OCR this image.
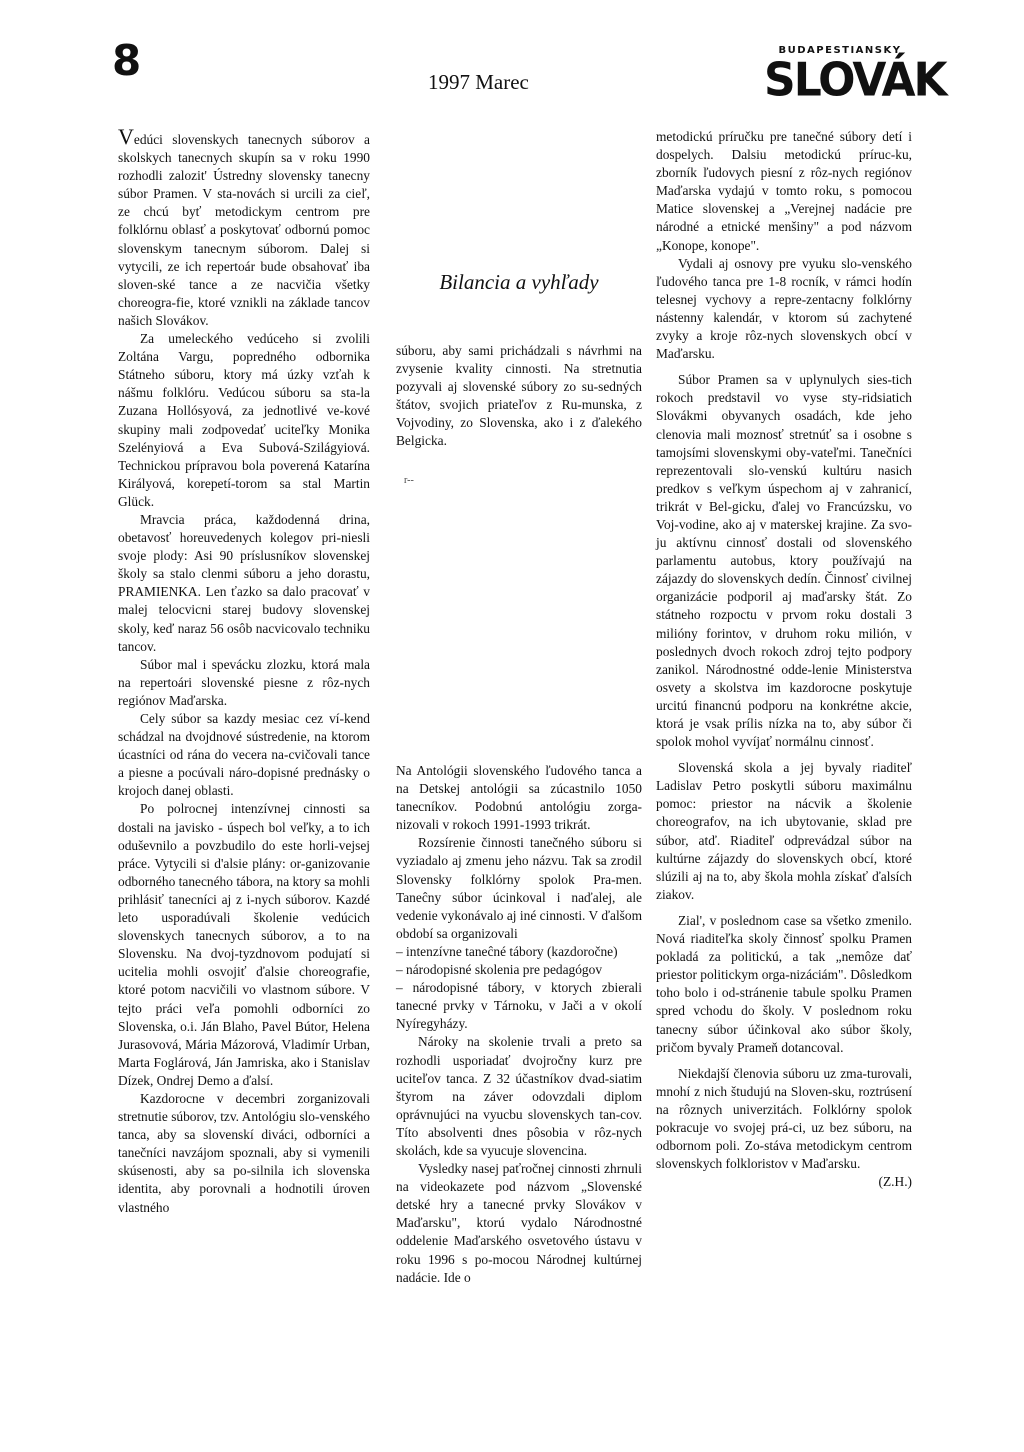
8	1997 Marec
BUDAPESTIANSKY
SLOVÁK

Vedúci slovenskych tanecnych súborov a skolskych tanecnych skupín sa v roku 1990 rozhodli zalozit' Ústredny slovensky tanecny súbor Pramen. V sta-novách si urcili za cieľ, ze chcú byť metodickym centrom pre folklórnu oblasť a poskytovať odbornú pomoc slovenskym tanecnym súborom. Dalej si vytycili, ze ich repertoár bude obsahovať iba sloven-ské tance a ze nacvičia všetky choreogra-fie, ktoré vznikli na základe tancov našich Slovákov.

Za umeleckého vedúceho si zvolili Zoltána Vargu, popredného odbornika Státneho súboru, ktory má úzky vzťah k nášmu folklóru. Vedúcou súboru sa sta-la Zuzana Hollósyová, za jednotlivé ve-kové skupiny mali zodpovedať uciteľky Monika Szelényiová a Eva Subová-Szilágyiová. Technickou prípravou bola poverená Katarína Királyová, korepetí-torom sa stal Martin Glück.

Mravcia práca, každodenná drina, obetavosť horeuvedenych kolegov pri-niesli svoje plody: Asi 90 príslusníkov slovenskej školy sa stalo clenmi súboru a jeho dorastu, PRAMIENKA. Len ťazko sa dalo pracovať v malej telocvicni starej budovy slovenskej skoly, keď naraz 56 osôb nacvicovalo techniku tancov.

Súbor mal i spevácku zlozku, ktorá mala na repertoári slovenské piesne z rôz-nych regiónov Maďarska.

Cely súbor sa kazdy mesiac cez ví-kend schádzal na dvojdnové sústredenie, na ktorom úcastníci od rána do vecera na-cvičovali tance a piesne a pocúvali náro-dopisné prednásky o krojoch danej oblasti.

Po polrocnej intenzívnej cinnosti sa dostali na javisko - úspech bol veľky, a to ich oduševnilo a povzbudilo do este horli-vejsej práce. Vytycili si d'alsie plány: or-ganizovanie odborného tanecného tábora, na ktory sa mohli prihlásiť tanecníci aj z i-nych súborov. Kazdé leto usporadúvali školenie vedúcich slovenskych tanecnych súborov, a to na Slovensku. Na dvoj-tyzdnovom podujatí si ucitelia mohli osvojiť ďalsie choreografie, ktoré potom nacvičili vo vlastnom súbore. V tejto práci veľa pomohli odborníci zo Slovenska, o.i. Ján Blaho, Pavel Bútor, Helena Jurasovová, Mária Mázorová, Vladimír Urban, Marta Foglárová, Ján Jamriska, ako i Stanislav Dízek, Ondrej Demo a ďalsí.

Kazdorocne v decembri zorganizovali stretnutie súborov, tzv. Antológiu slo-venského tanca, aby sa slovenskí diváci, odborníci a tanečníci navzájom spoznali, aby si vymenili skúsenosti, aby sa po-silnila ich slovenska identita, aby porovnali a hodnotili úroven vlastného

Bilancia a vyhľady

súboru, aby sami prichádzali s návrhmi na zvysenie kvality cinnosti. Na stretnutia pozyvali aj slovenské súbory zo su-sedných štátov, svojich priateľov z Ru-munska, z Vojvodiny, zo Slovenska, ako i z ďalekého Belgicka.

r--

Na Antológii slovenského ľudového tanca a na Detskej antológii sa zúcastnilo 1050 tanecníkov. Podobnú antológiu zorga-nizovali v rokoch 1991-1993 trikrát.

Rozsírenie činnosti tanečného súboru si vyziadalo aj zmenu jeho názvu. Tak sa zrodil Slovensky folklórny spolok Pra-men. Taneĉny súbor úcinkoval i naďalej, ale vedenie vykonávalo aj iné cinnosti. V ďalšom období sa organizovali

– intenzívne taneĉné tábory (kazdoročne)

– národopisné skolenia pre pedagógov

– národopisné tábory, v ktorych zbierali tanecné prvky v Tárnoku, v Jači a v okolí Nyíregyházy.

Nároky na skolenie trvali a preto sa rozhodli usporiadať dvojročny kurz pre uciteľov tanca. Z 32 účastníkov dvad-siatim štyrom na záver odovzdali diplom oprávnujúci na vyucbu slovenskych tan-cov. Títo absolventi dnes pôsobia v rôz-nych skolách, kde sa vyucuje slovencina.

Vysledky nasej paťročnej cinnosti zhrnuli na videokazete pod názvom „Slovenské detské hry a tanecné prvky Slovákov v Maďarsku", ktorú vydalo Národnostné oddelenie Maďarského osvetového ústavu v roku 1996 s po-mocou Národnej kultúrnej nadácie. Ide o

metodickú príručku pre tanečné súbory detí i dospelych. Dalsiu metodickú príruc-ku, zborník ľudovych piesní z rôz-nych regiónov Maďarska vydajú v tomto roku, s pomocou Matice slovenskej a „Verejnej nadácie pre národné a etnické menšiny" a pod názvom „Konope, konope".

Vydali aj osnovy pre vyuku slo-venského ľudového tanca pre 1-8 rocník, v rámci hodín telesnej vychovy a repre-zentacny folklórny nástenny kalendár, v ktorom sú zachytené zvyky a kroje rôz-nych slovenskych obcí v Maďarsku.

Súbor Pramen sa v uplynulych sies-tich rokoch predstavil vo vyse sty-ridsiatich Slovákmi obyvanych osadách, kde jeho clenovia mali moznosť stretnúť sa i osobne s tamojsími slovenskymi oby-vateľmi. Tanečníci reprezentovali slo-venskú kultúru nasich predkov s veľkym úspechom aj v zahranicí, trikrát v Bel-gicku, ďalej vo Francúzsku, vo Voj-vodine, ako aj v materskej krajine. Za svo-ju aktívnu cinnosť dostali od slovenského parlamentu autobus, ktory používajú na zájazdy do slovenskych dedín. Činnosť civilnej organizácie podporil aj maďarsky štát. Zo státneho rozpoctu v prvom roku dostali 3 milióny forintov, v druhom roku milión, v poslednych dvoch rokoch zdroj tejto podpory zanikol. Národnostné odde-lenie Ministerstva osvety a skolstva im kazdorocne poskytuje urcitú financnú podporu na konkrétne akcie, ktorá je vsak prílis nízka na to, aby súbor či spolok mohol vyvíjať normálnu cinnosť.

Slovenská skola a jej byvaly riaditeľ Ladislav Petro poskytli súboru maximálnu pomoc: priestor na nácvik a školenie choreografov, na ich ubytovanie, sklad pre súbor, atď. Riaditeľ odprevádzal súbor na kultúrne zájazdy do slovenskych obcí, ktoré slúzili aj na to, aby škola mohla získať ďalsích ziakov.

Zial', v poslednom case sa všetko zmenilo. Nová riaditeľka skoly činnosť spolku Pramen pokladá za politickú, a tak „nemôze dať priestor politickym orga-nizáciám". Dôsledkom toho bolo i od-stránenie tabule spolku Pramen spred vchodu do školy. V poslednom roku tanecny súbor účinkoval ako súbor školy, pričom byvaly Prameň dotancoval.

Niekdajší členovia súboru uz zma-turovali, mnohí z nich študujú na Sloven-sku, roztrúsení na rôznych univerzitách. Folklórny spolok pokracuje vo svojej prá-ci, uz bez súboru, na odbornom poli. Zo-stáva metodickym centrom slovenskych folkloristov v Maďarsku.
(Z.H.)
